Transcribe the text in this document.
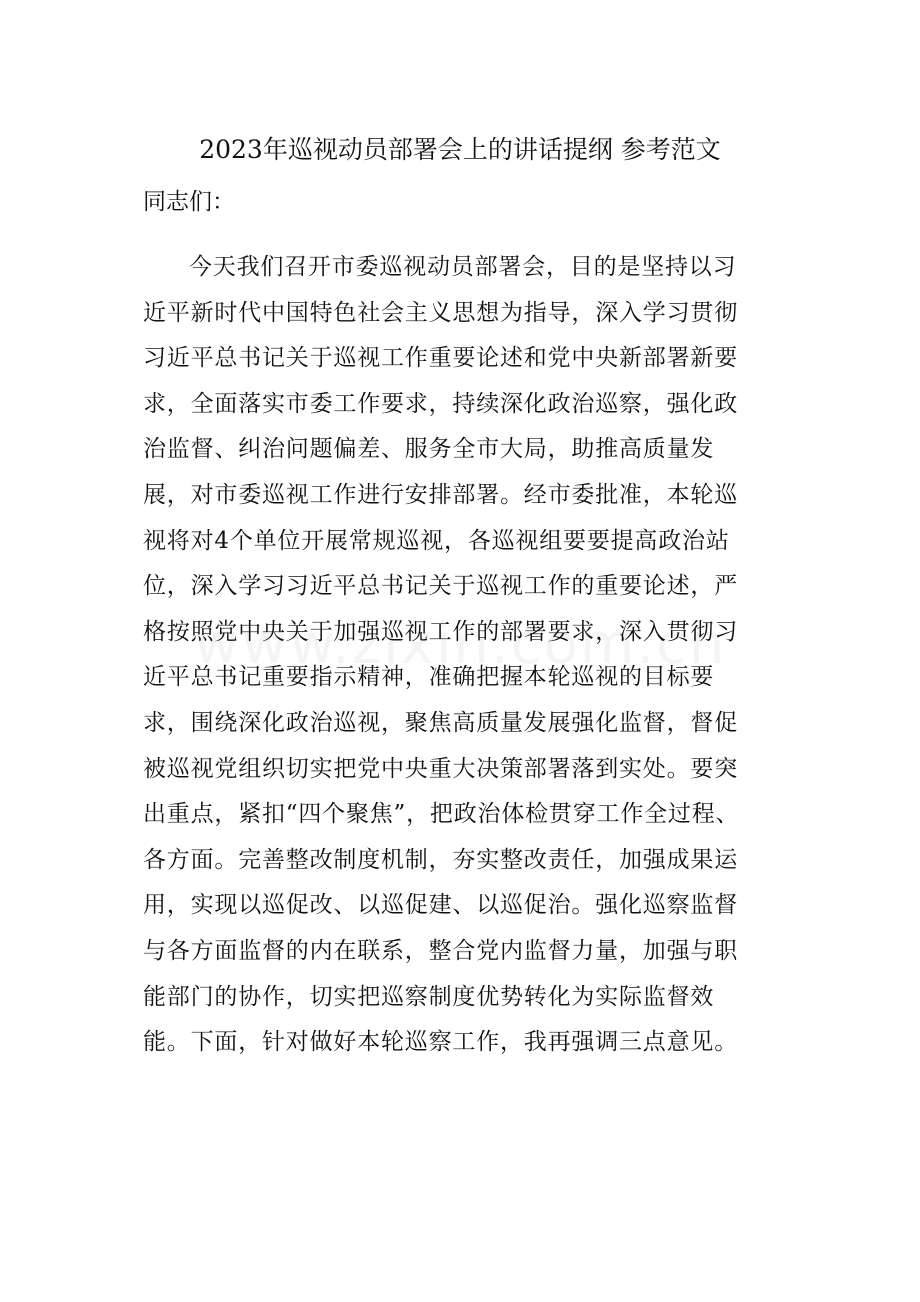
2023年巡视动员部署会上的讲话提纲 参考范文
同志们：
今天我们召开市委巡视动员部署会，目的是坚持以习
近平新时代中国特色社会主义思想为指导，深入学习贯彻
习近平总书记关于巡视工作重要论述和党中央新部署新要
求，全面落实市委工作要求，持续深化政治巡察，强化政
治监督、纠治问题偏差、服务全市大局，助推高质量发
展，对市委巡视工作进行安排部署。经市委批准，本轮巡
视将对4个单位开展常规巡视，各巡视组要要提高政治站
位，深入学习习近平总书记关于巡视工作的重要论述，严
格按照党中央关于加强巡视工作的部署要求，深入贯彻习
近平总书记重要指示精神，准确把握本轮巡视的目标要
求，围绕深化政治巡视，聚焦高质量发展强化监督，督促
被巡视党组织切实把党中央重大决策部署落到实处。要突
出重点，紧扣“四个聚焦”，把政治体检贯穿工作全过程、
各方面。完善整改制度机制，夯实整改责任，加强成果运
用，实现以巡促改、以巡促建、以巡促治。强化巡察监督
与各方面监督的内在联系，整合党内监督力量，加强与职
能部门的协作，切实把巡察制度优势转化为实际监督效
能。下面，针对做好本轮巡察工作，我再强调三点意见。
